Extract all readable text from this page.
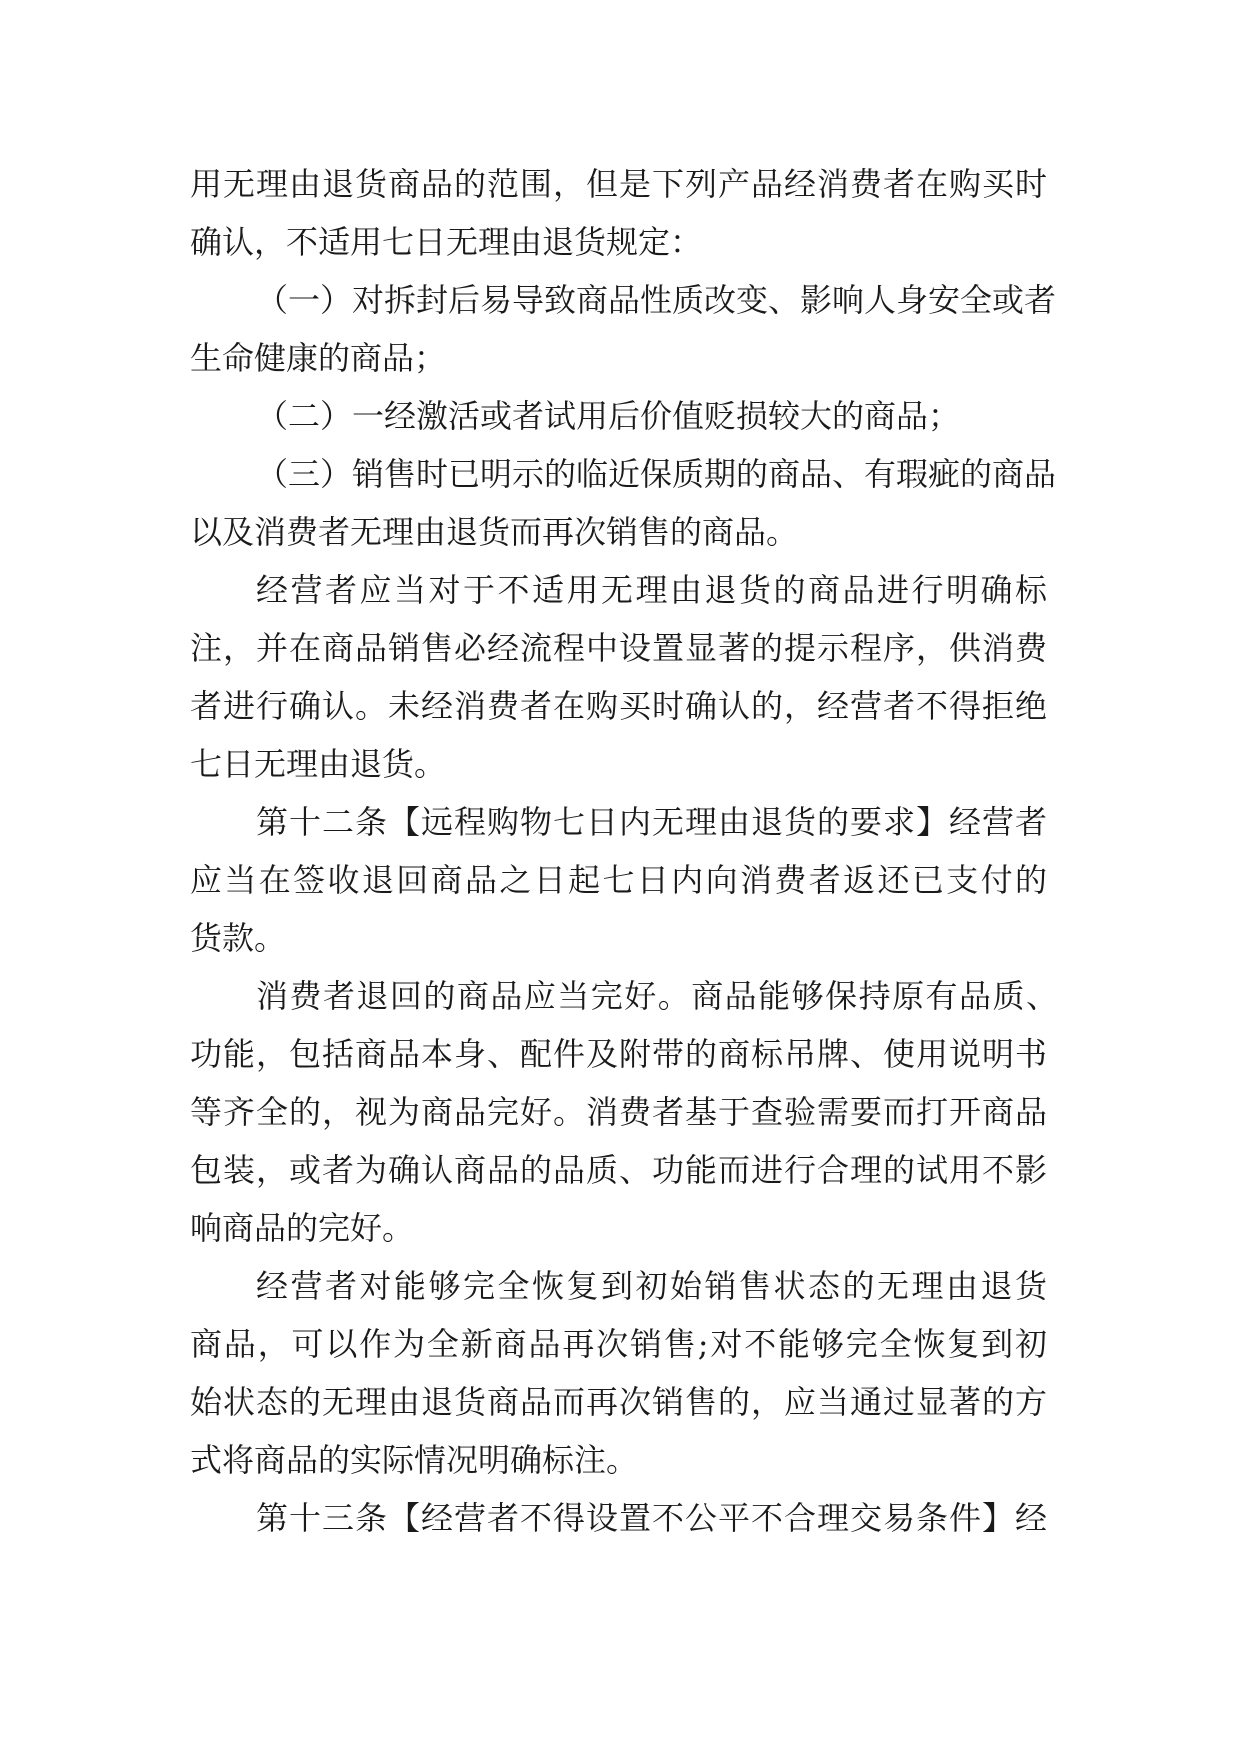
用无理由退货商品的范围，但是下列产品经消费者在购买时
确认，不适用七日无理由退货规定：
（一）对拆封后易导致商品性质改变、影响人身安全或者
生命健康的商品；
（二）一经激活或者试用后价值贬损较大的商品；
（三）销售时已明示的临近保质期的商品、有瑕疵的商品
以及消费者无理由退货而再次销售的商品。
经营者应当对于不适用无理由退货的商品进行明确标
注，并在商品销售必经流程中设置显著的提示程序，供消费
者进行确认。未经消费者在购买时确认的，经营者不得拒绝
七日无理由退货。
第十二条【远程购物七日内无理由退货的要求】经营者
应当在签收退回商品之日起七日内向消费者返还已支付的
货款。
消费者退回的商品应当完好。商品能够保持原有品质、
功能，包括商品本身、配件及附带的商标吊牌、使用说明书
等齐全的，视为商品完好。消费者基于查验需要而打开商品
包装，或者为确认商品的品质、功能而进行合理的试用不影
响商品的完好。
经营者对能够完全恢复到初始销售状态的无理由退货
商品，可以作为全新商品再次销售;对不能够完全恢复到初
始状态的无理由退货商品而再次销售的，应当通过显著的方
式将商品的实际情况明确标注。
第十三条【经营者不得设置不公平不合理交易条件】经
